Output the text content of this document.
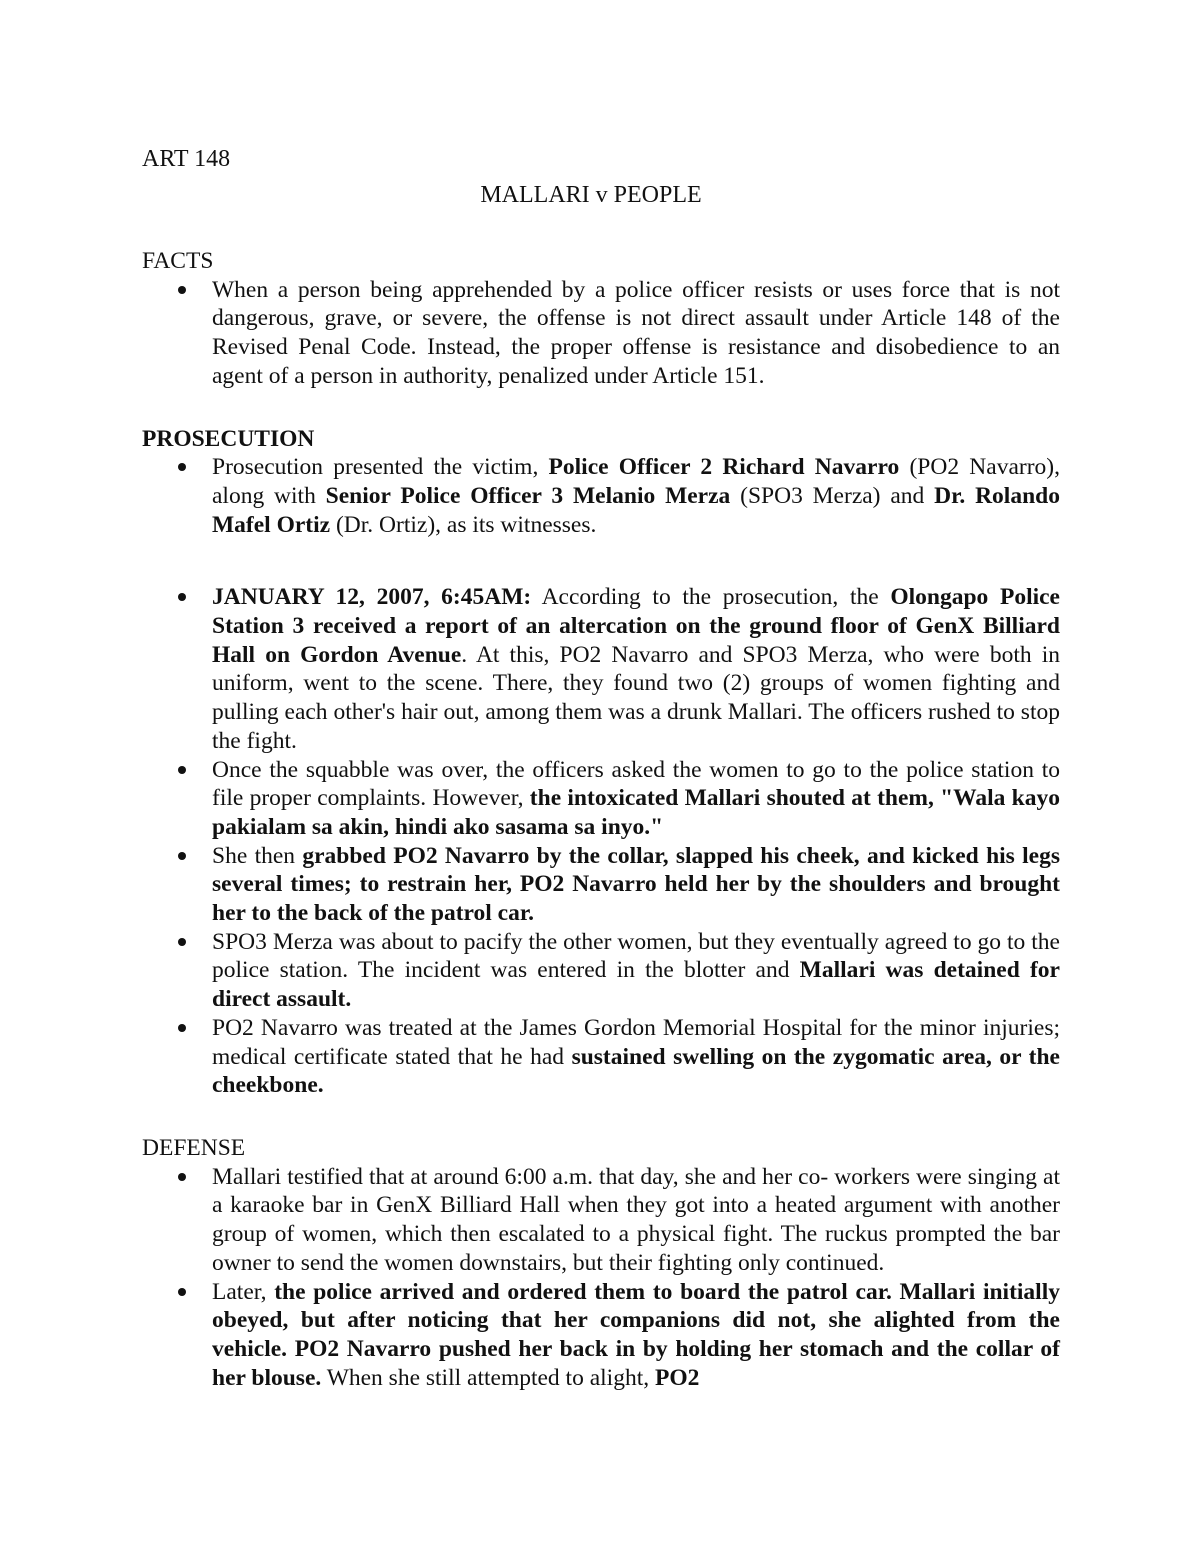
ART 148

MALLARI v PEOPLE

FACTS

When a person being apprehended by a police officer resists or uses force that is not dangerous, grave, or severe, the offense is not direct assault under Article 148 of the Revised Penal Code. Instead, the proper offense is resistance and disobedience to an agent of a person in authority, penalized under Article 151.

PROSECUTION

Prosecution presented the victim, Police Officer 2 Richard Navarro (PO2 Navarro), along with Senior Police Officer 3 Melanio Merza (SPO3 Merza) and Dr. Rolando Mafel Ortiz (Dr. Ortiz), as its witnesses.
JANUARY 12, 2007, 6:45AM: According to the prosecution, the Olongapo Police Station 3 received a report of an altercation on the ground floor of GenX Billiard Hall on Gordon Avenue. At this, PO2 Navarro and SPO3 Merza, who were both in uniform, went to the scene. There, they found two (2) groups of women fighting and pulling each other's hair out, among them was a drunk Mallari. The officers rushed to stop the fight.
Once the squabble was over, the officers asked the women to go to the police station to file proper complaints. However, the intoxicated Mallari shouted at them, "Wala kayo pakialam sa akin, hindi ako sasama sa inyo."
She then grabbed PO2 Navarro by the collar, slapped his cheek, and kicked his legs several times; to restrain her, PO2 Navarro held her by the shoulders and brought her to the back of the patrol car.
SPO3 Merza was about to pacify the other women, but they eventually agreed to go to the police station. The incident was entered in the blotter and Mallari was detained for direct assault.
PO2 Navarro was treated at the James Gordon Memorial Hospital for the minor injuries; medical certificate stated that he had sustained swelling on the zygomatic area, or the cheekbone.

DEFENSE

Mallari testified that at around 6:00 a.m. that day, she and her co- workers were singing at a karaoke bar in GenX Billiard Hall when they got into a heated argument with another group of women, which then escalated to a physical fight. The ruckus prompted the bar owner to send the women downstairs, but their fighting only continued.
Later, the police arrived and ordered them to board the patrol car. Mallari initially obeyed, but after noticing that her companions did not, she alighted from the vehicle. PO2 Navarro pushed her back in by holding her stomach and the collar of her blouse. When she still attempted to alight, PO2
